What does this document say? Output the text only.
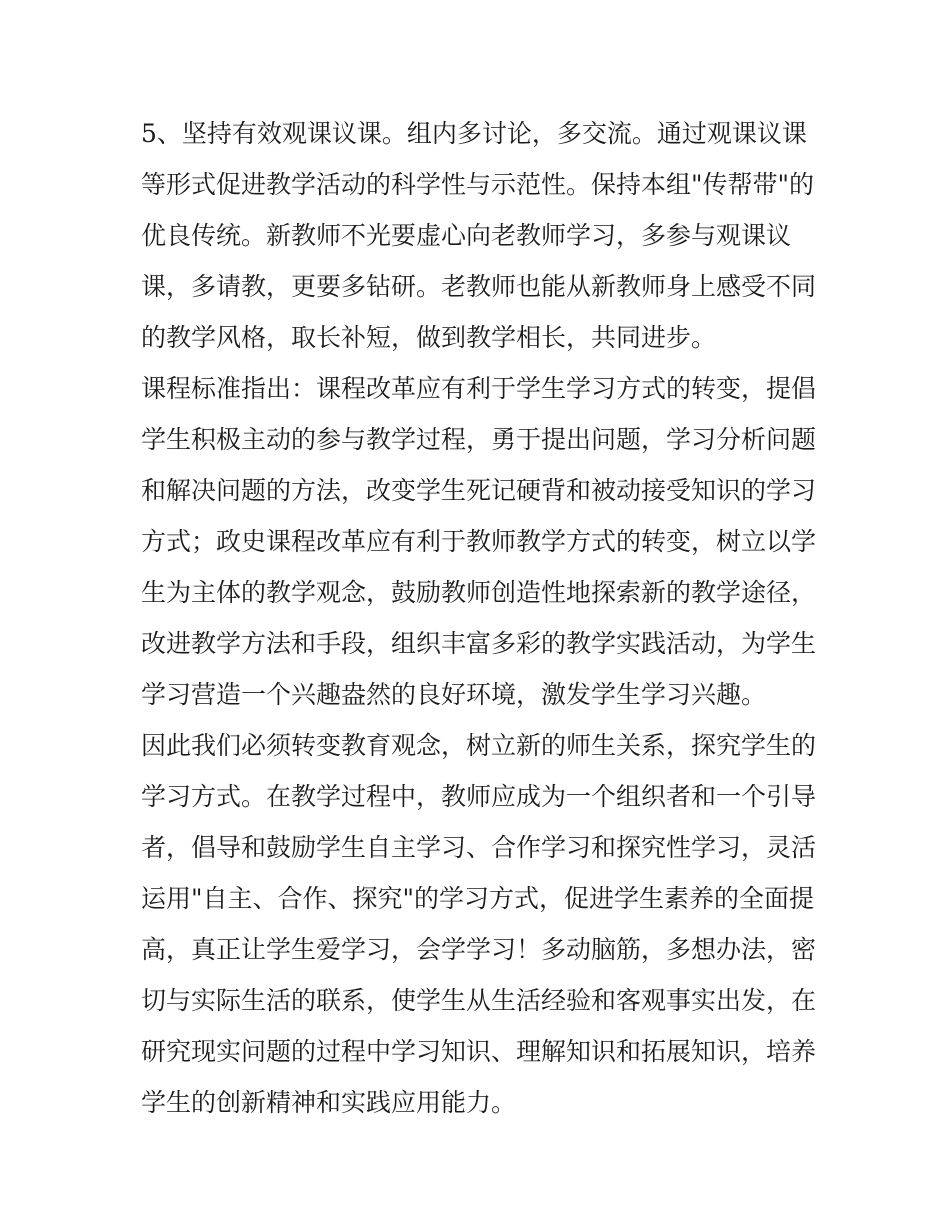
5、坚持有效观课议课。组内多讨论，多交流。通过观课议课
等形式促进教学活动的科学性与示范性。保持本组"传帮带"的
优良传统。新教师不光要虚心向老教师学习，多参与观课议
课，多请教，更要多钻研。老教师也能从新教师身上感受不同
的教学风格，取长补短，做到教学相长，共同进步。
课程标准指出：课程改革应有利于学生学习方式的转变，提倡
学生积极主动的参与教学过程，勇于提出问题，学习分析问题
和解决问题的方法，改变学生死记硬背和被动接受知识的学习
方式；政史课程改革应有利于教师教学方式的转变，树立以学
生为主体的教学观念，鼓励教师创造性地探索新的教学途径，
改进教学方法和手段，组织丰富多彩的教学实践活动，为学生
学习营造一个兴趣盎然的良好环境，激发学生学习兴趣。
因此我们必须转变教育观念，树立新的师生关系，探究学生的
学习方式。在教学过程中，教师应成为一个组织者和一个引导
者，倡导和鼓励学生自主学习、合作学习和探究性学习，灵活
运用"自主、合作、探究"的学习方式，促进学生素养的全面提
高，真正让学生爱学习，会学学习！多动脑筋，多想办法，密
切与实际生活的联系，使学生从生活经验和客观事实出发，在
研究现实问题的过程中学习知识、理解知识和拓展知识，培养
学生的创新精神和实践应用能力。
